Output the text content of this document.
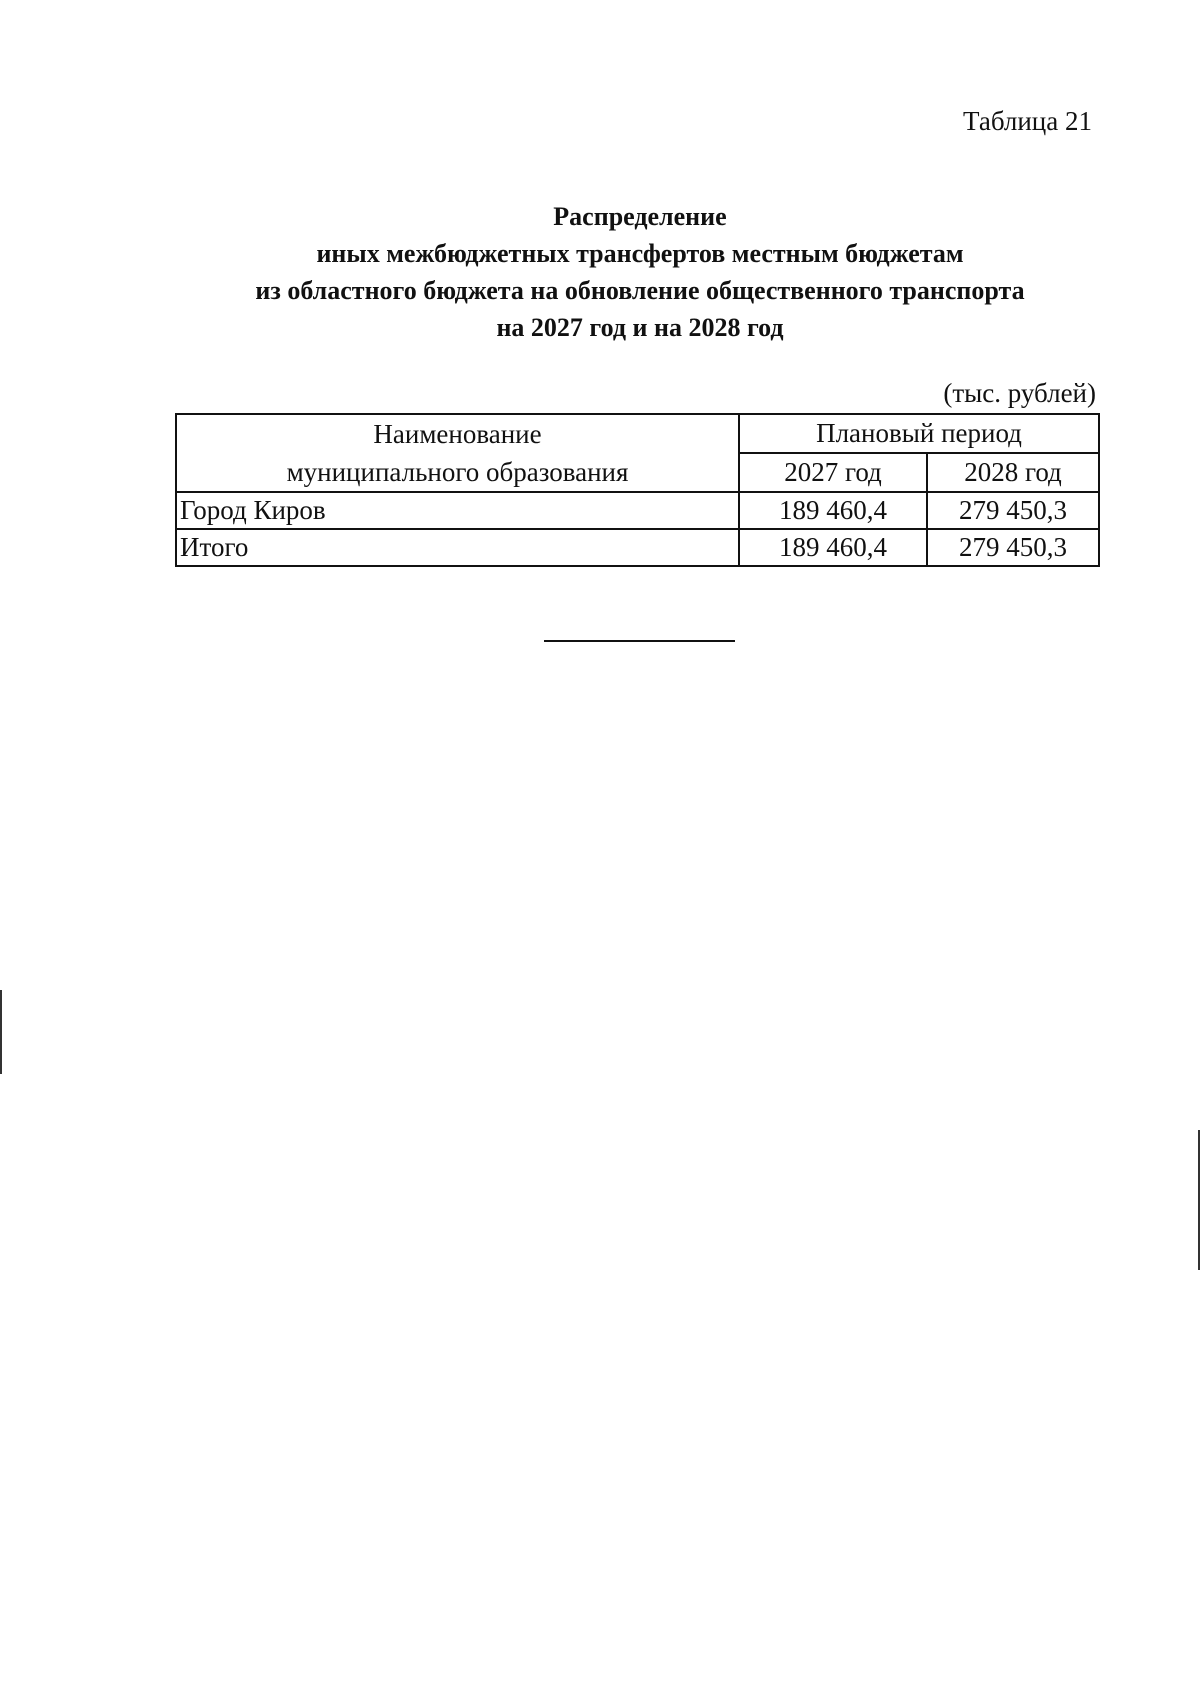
Таблица 21
Распределение
иных межбюджетных трансфертов местным бюджетам
из областного бюджета на обновление общественного транспорта
на 2027 год и на 2028 год
(тыс. рублей)
Наименование
муниципального образования	Плановый период	
	2027 год	2028 год
Город Киров	189 460,4	279 450,3
Итого	189 460,4	279 450,3
